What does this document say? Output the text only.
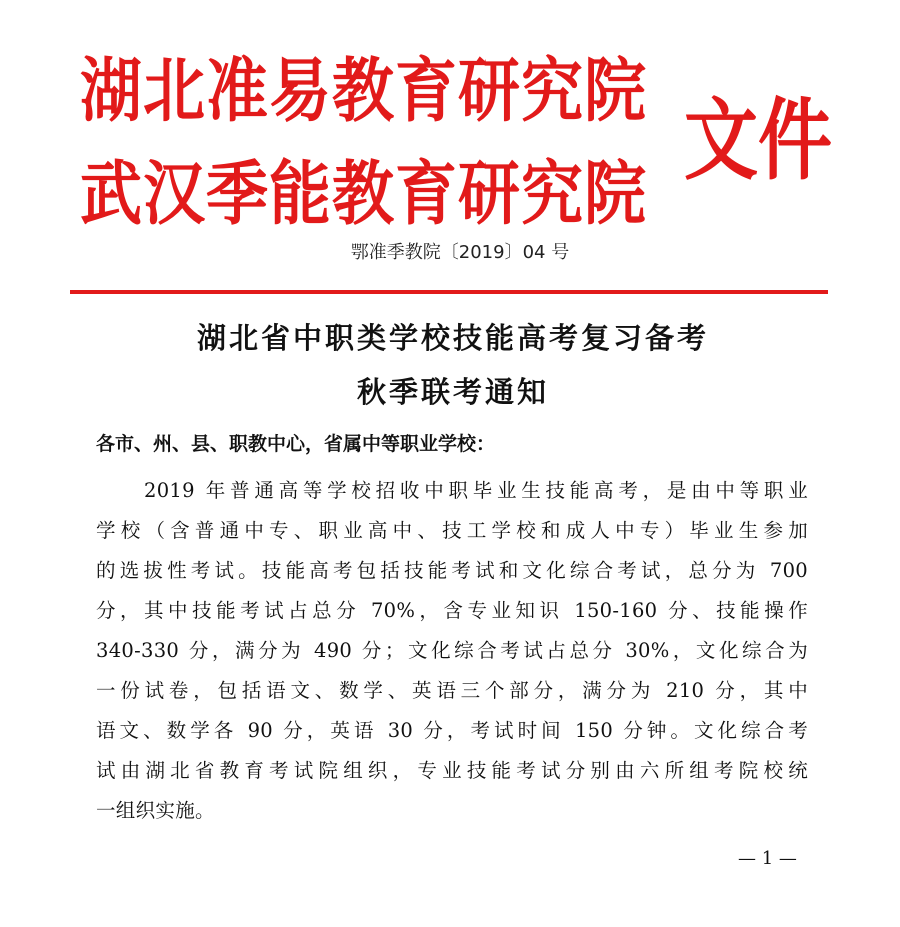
湖北准易教育研究院
武汉季能教育研究院
文件
鄂准季教院〔2019〕04 号
湖北省中职类学校技能高考复习备考
秋季联考通知
各市、州、县、职教中心，省属中等职业学校：
2019 年普通高等学校招收中职毕业生技能高考，是由中等职业
学校（含普通中专、职业高中、技工学校和成人中专）毕业生参加
的选拔性考试。技能高考包括技能考试和文化综合考试，总分为 700
分，其中技能考试占总分 70%，含专业知识 150-160 分、技能操作
340-330 分，满分为 490 分；文化综合考试占总分 30%，文化综合为
一份试卷，包括语文、数学、英语三个部分，满分为 210 分，其中
语文、数学各 90 分，英语 30 分，考试时间 150 分钟。文化综合考
试由湖北省教育考试院组织，专业技能考试分别由六所组考院校统
一组织实施。
— 1 —
